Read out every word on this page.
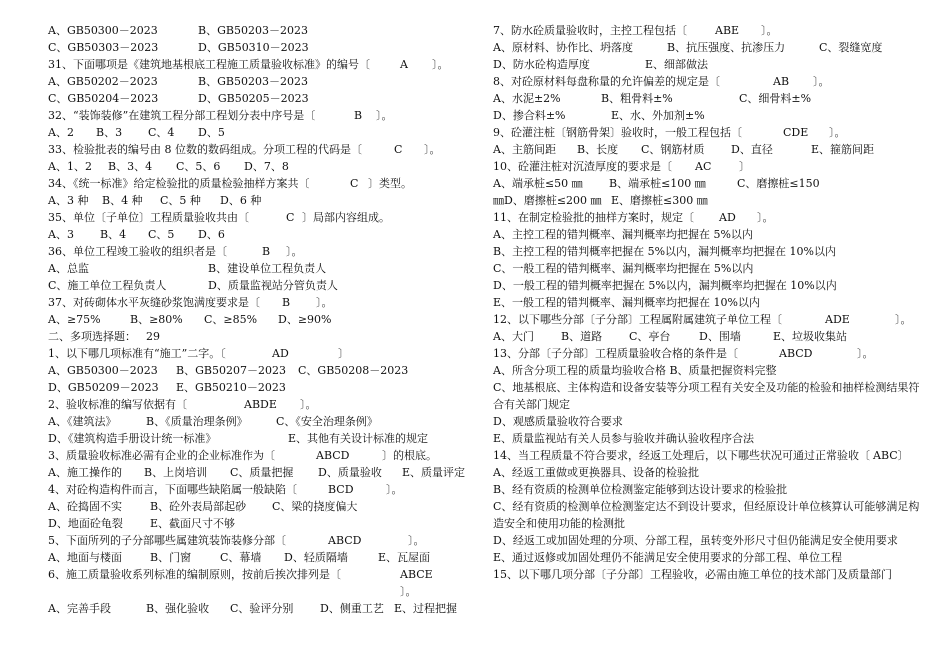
A、GB50300－2023	B、GB50203－2023
C、GB50303－2023	D、GB50310－2023
31、下面哪项是《建筑地基根底工程施工质量验收标准》的编号〔	A 〕。
A、GB50202－2023	B、GB50203－2023
C、GB50204－2023	D、GB50205－2023
32、“装饰装修”在建筑工程分部工程划分表中序号是〔	B 〕。
A、2 B、3 C、4 D、5
33、检验批表的编号由 8 位数的数码组成。分项工程的代码是〔	C 〕。
A、1、2 B、3、4 C、5、6 D、7、8
34、《统一标准》给定检验批的质量检验抽样方案共〔	C 〕类型。
A、3 种 B、4 种 C、5 种 D、6 种
35、单位〔子单位〕工程质量验收共由〔	C 〕局部内容组成。
A、3 B、4 C、5 D、6
36、单位工程竣工验收的组织者是〔	B 〕。
A、总监	B、建设单位工程负责人
C、施工单位工程负责人	D、质量监视站分管负责人
37、对砖砌体水平灰缝砂浆饱满度要求是〔 B 〕。
A、≥75%	B、≥80% C、≥85% D、≥90%
二、多项选择题： 29
1、以下哪几项标准有“施工”二字。〔	AD	〕
A、GB50300－2023 B、GB50207－2023 C、GB50208－2023
D、GB50209－2023 E、GB50210－2023
2、验收标准的编写依据有〔	ABDE 〕。
A、《建筑法》	B、《质量治理条例》	C、《安全治理条例》
D、《建筑构造手册设计统一标准》	E、其他有关设计标准的规定
3、质量验收标准必需有企业的企业标准作为〔	ABCD	〕的根底。
A、施工操作的 B、上岗培训 C、质量把握 D、质量验收 E、质量评定
4、对砼构造构件而言，下面哪些缺陷属一般缺陷〔	BCD	〕。
A、砼捣固不实	B、砼外表局部起砂 C、梁的挠度偏大
D、地面砼龟裂 E、截面尺寸不够
5、下面所列的子分部哪些属建筑装饰装修分部〔	ABCD	〕。
A、地面与楼面	B、门窗	C、幕墙 D、轻质隔墙	E、瓦屋面
6、施工质量验收系列标准的编制原则，按前后挨次排列是〔	ABCE
〕。
A、完善手段	B、强化验收 C、验评分别 D、侧重工艺 E、过程把握
7、防水砼质量验收时，主控工程包括〔	ABE 〕。
A、原材料、协作比、坍落度	B、抗压强度、抗渗压力	C、裂缝宽度
D、防水砼构造厚度	E、细部做法
8、对砼原材料每盘称量的允许偏差的规定是〔	AB 〕。
A、水泥±2%	B、粗骨料±%	C、细骨料±%
D、掺合料±%	E、水、外加剂±%
9、砼灌注桩〔钢筋骨架〕验收时，一般工程包括〔	CDE 〕。
A、主筋间距 B、长度 C、钢筋材质 D、直径	E、箍筋间距
10、砼灌注桩对沉渣厚度的要求是〔 AC	〕
A、端承桩≤50 ㎜ B、端承桩≤100 ㎜	C、磨擦桩≤150
㎜D、磨擦桩≤200 ㎜ E、磨擦桩≤300 ㎜
11、在制定检验批的抽样方案时，规定〔 AD 〕。
A、主控工程的错判概率、漏判概率均把握在 5%以内
B、主控工程的错判概率把握在 5%以内，漏判概率均把握在 10%以内
C、一般工程的错判概率、漏判概率均把握在 5%以内
D、一般工程的错判概率把握在 5%以内，漏判概率均把握在 10%以内
E、一般工程的错判概率、漏判概率均把握在 10%以内
12、以下哪些分部〔子分部〕工程属附属建筑子单位工程〔	ADE	〕。
A、大门 B、道路 C、亭台	D、围墙	E、垃圾收集站
13、分部〔子分部〕工程质量验收合格的条件是〔	ABCD	〕。
A、所含分项工程的质量均验收合格 B、质量把握资料完整
C、地基根底、主体构造和设备安装等分项工程有关安全及功能的检验和抽样检测结果符合有关部门规定
D、观感质量验收符合要求
E、质量监视站有关人员参与验收并确认验收程序合法
14、当工程质量不符合要求，经返工处理后，以下哪些状况可通过正常验收〔 ABC〕
A、经返工重做或更换器具、设备的检验批
B、经有资质的检测单位检测鉴定能够到达设计要求的检验批
C、经有资质的检测单位检测鉴定达不到设计要求，但经原设计单位核算认可能够满足构造安全和使用功能的检测批
D、经返工或加固处理的分项、分部工程，虽转变外形尺寸但仍能满足安全使用要求
E、通过返修或加固处理仍不能满足安全使用要求的分部工程、单位工程
15、以下哪几项分部〔子分部〕工程验收，必需由施工单位的技术部门及质量部门
